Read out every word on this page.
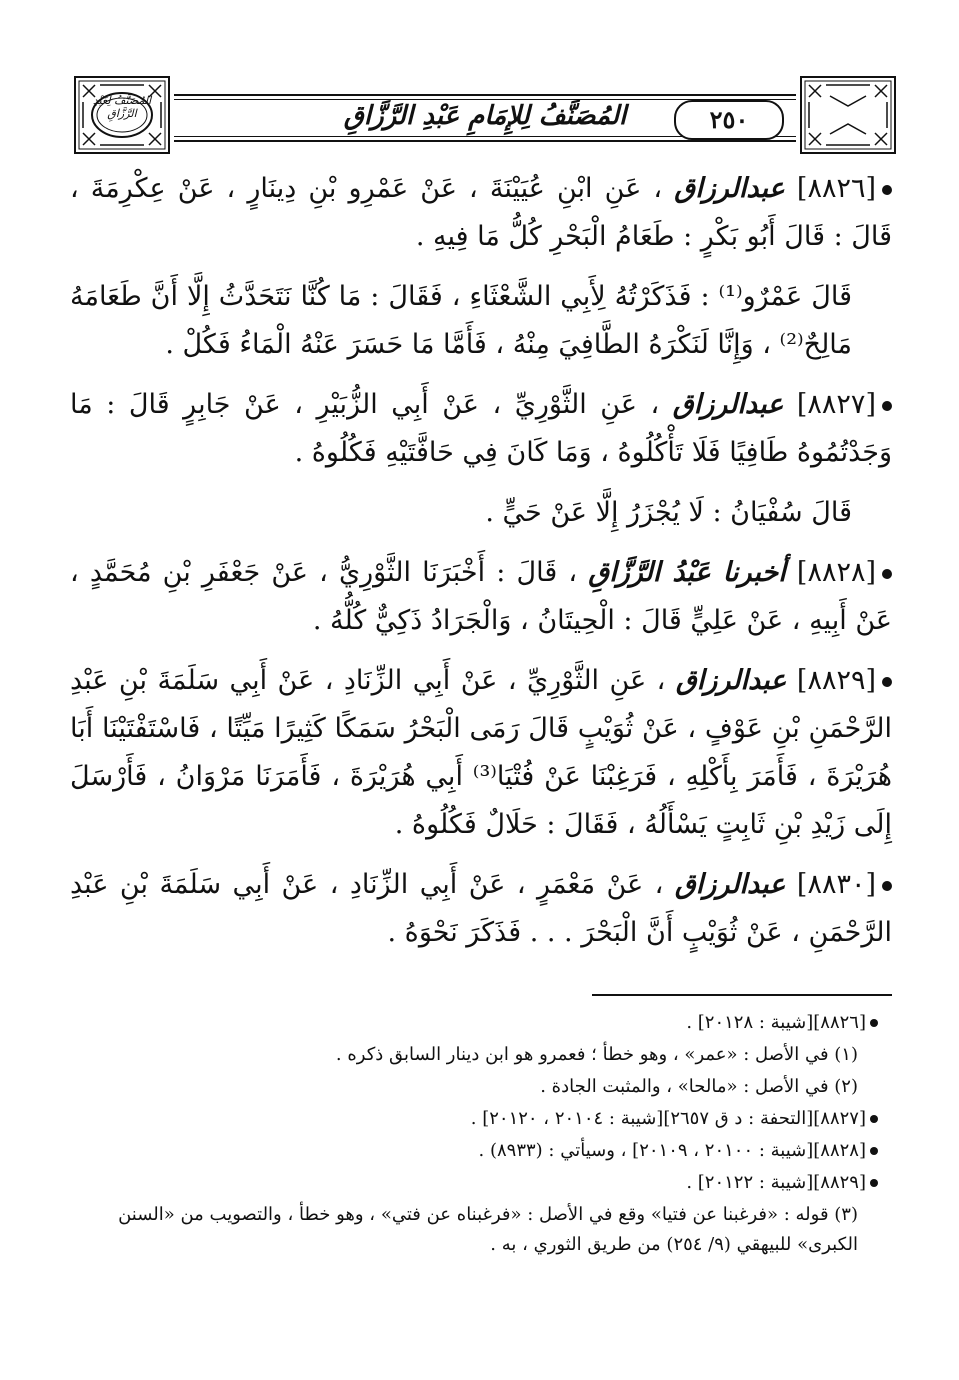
المُصَنَّفُ لِعَبْدِ الرَّزَّاقِ	المُصَنَّفُ لِلإِمَامِ عَبْدِ الرَّزَّاقِ	٢٥٠

[٨٨٢٦] عبدالرزاق ، عَنِ ابْنِ عُيَيْنَةَ ، عَنْ عَمْرِو بْنِ دِينَارٍ ، عَنْ عِكْرِمَةَ ، قَالَ : قَالَ أَبُو بَكْرٍ : طَعَامُ الْبَحْرِ كُلُّ مَا فِيهِ .

قَالَ عَمْرٌو⁽¹⁾ : فَذَكَرْتُهُ لِأَبِي الشَّعْثَاءِ ، فَقَالَ : مَا كُنَّا نَتَحَدَّثُ إِلَّا أَنَّ طَعَامَهُ مَالِحٌ⁽²⁾ ، وَإِنَّا لَنَكْرَهُ الطَّافِيَ مِنْهُ ، فَأَمَّا مَا حَسَرَ عَنْهُ الْمَاءُ فَكُلْ .

[٨٨٢٧] عبدالرزاق ، عَنِ الثَّوْرِيِّ ، عَنْ أَبِي الزُّبَيْرِ ، عَنْ جَابِرٍ قَالَ : مَا وَجَدْتُمُوهُ طَافِيًا فَلَا تَأْكُلُوهُ ، وَمَا كَانَ فِي حَافَّتَيْهِ فَكُلُوهُ .

قَالَ سُفْيَانُ : لَا يُجْزَرُ إِلَّا عَنْ حَيٍّ .

[٨٨٢٨] أخبرنا عَبْدُ الرَّزَّاقِ ، قَالَ : أَخْبَرَنَا الثَّوْرِيُّ ، عَنْ جَعْفَرِ بْنِ مُحَمَّدٍ ، عَنْ أَبِيهِ ، عَنْ عَلِيٍّ قَالَ : الْحِيتَانُ ، وَالْجَرَادُ ذَكِيٌّ كُلُّهُ .

[٨٨٢٩] عبدالرزاق ، عَنِ الثَّوْرِيِّ ، عَنْ أَبِي الزِّنَادِ ، عَنْ أَبِي سَلَمَةَ بْنِ عَبْدِ الرَّحْمَنِ بْنِ عَوْفٍ ، عَنْ ثُوَيْبٍ قَالَ رَمَى الْبَحْرُ سَمَكًا كَثِيرًا مَيِّتًا ، فَاسْتَفْتَيْنَا أَبَا هُرَيْرَةَ ، فَأَمَرَ بِأَكْلِهِ ، فَرَغِبْنَا عَنْ فُتْيَا⁽³⁾ أَبِي هُرَيْرَةَ ، فَأَمَرَنَا مَرْوَانُ ، فَأَرْسَلَ إِلَى زَيْدِ بْنِ ثَابِتٍ يَسْأَلُهُ ، فَقَالَ : حَلَالٌ فَكُلُوهُ .

[٨٨٣٠] عبدالرزاق ، عَنْ مَعْمَرٍ ، عَنْ أَبِي الزِّنَادِ ، عَنْ أَبِي سَلَمَةَ بْنِ عَبْدِ الرَّحْمَنِ ، عَنْ ثُوَيْبٍ أَنَّ الْبَحْرَ . . . فَذَكَرَ نَحْوَهُ .

[٨٨٢٦][شيبة : ٢٠١٢٨] .

(١) في الأصل : «عمر» ، وهو خطأ ؛ فعمرو هو ابن دينار السابق ذكره .

(٢) في الأصل : «مالحا» ، والمثبت الجادة .

[٨٨٢٧][التحفة : د ق ٢٦٥٧][شيبة : ٢٠١٠٤ ، ٢٠١٢٠] .

[٨٨٢٨][شيبة : ٢٠١٠٠ ، ٢٠١٠٩] ، وسيأتي : (٨٩٣٣) .

[٨٨٢٩][شيبة : ٢٠١٢٢] .

(٣) قوله : «فرغبنا عن فتيا» وقع في الأصل : «فرغبناه عن فتي» ، وهو خطأ ، والتصويب من «السنن الكبرى» للبيهقي (٩/ ٢٥٤) من طريق الثوري ، به .
